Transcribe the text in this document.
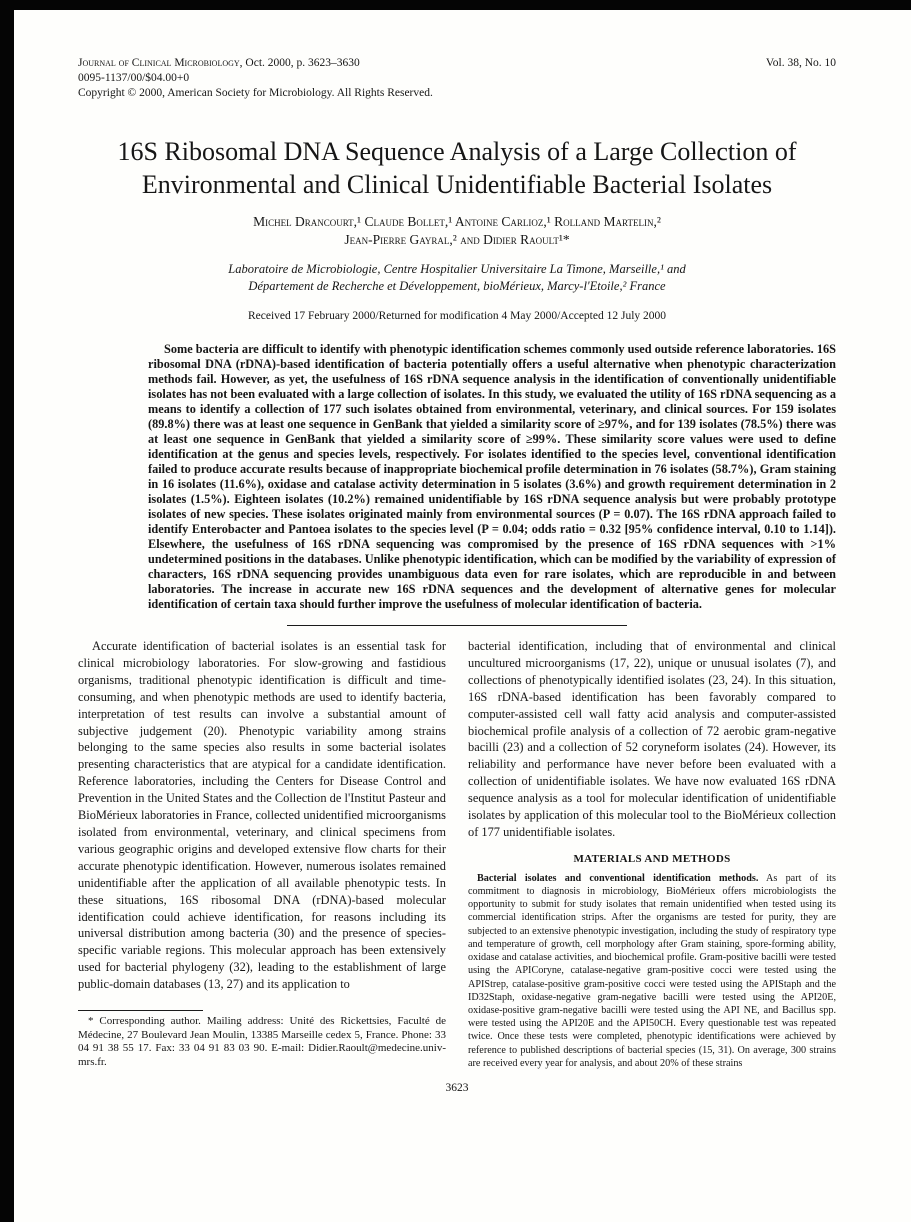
Journal of Clinical Microbiology, Oct. 2000, p. 3623–3630
0095-1137/00/$04.00+0
Copyright © 2000, American Society for Microbiology. All Rights Reserved.
Vol. 38, No. 10
16S Ribosomal DNA Sequence Analysis of a Large Collection of Environmental and Clinical Unidentifiable Bacterial Isolates
Michel Drancourt,¹ Claude Bollet,¹ Antoine Carlioz,¹ Rolland Martelin,²
Jean-Pierre Gayral,² and Didier Raoult¹*
Laboratoire de Microbiologie, Centre Hospitalier Universitaire La Timone, Marseille,¹ and
Département de Recherche et Développement, bioMérieux, Marcy-l'Etoile,² France
Received 17 February 2000/Returned for modification 4 May 2000/Accepted 12 July 2000

Some bacteria are difficult to identify with phenotypic identification schemes commonly used outside reference laboratories. 16S ribosomal DNA (rDNA)-based identification of bacteria potentially offers a useful alternative when phenotypic characterization methods fail. However, as yet, the usefulness of 16S rDNA sequence analysis in the identification of conventionally unidentifiable isolates has not been evaluated with a large collection of isolates. In this study, we evaluated the utility of 16S rDNA sequencing as a means to identify a collection of 177 such isolates obtained from environmental, veterinary, and clinical sources. For 159 isolates (89.8%) there was at least one sequence in GenBank that yielded a similarity score of ≥97%, and for 139 isolates (78.5%) there was at least one sequence in GenBank that yielded a similarity score of ≥99%. These similarity score values were used to define identification at the genus and species levels, respectively. For isolates identified to the species level, conventional identification failed to produce accurate results because of inappropriate biochemical profile determination in 76 isolates (58.7%), Gram staining in 16 isolates (11.6%), oxidase and catalase activity determination in 5 isolates (3.6%) and growth requirement determination in 2 isolates (1.5%). Eighteen isolates (10.2%) remained unidentifiable by 16S rDNA sequence analysis but were probably prototype isolates of new species. These isolates originated mainly from environmental sources (P = 0.07). The 16S rDNA approach failed to identify Enterobacter and Pantoea isolates to the species level (P = 0.04; odds ratio = 0.32 [95% confidence interval, 0.10 to 1.14]). Elsewhere, the usefulness of 16S rDNA sequencing was compromised by the presence of 16S rDNA sequences with >1% undetermined positions in the databases. Unlike phenotypic identification, which can be modified by the variability of expression of characters, 16S rDNA sequencing provides unambiguous data even for rare isolates, which are reproducible in and between laboratories. The increase in accurate new 16S rDNA sequences and the development of alternative genes for molecular identification of certain taxa should further improve the usefulness of molecular identification of bacteria.

Accurate identification of bacterial isolates is an essential task for clinical microbiology laboratories. For slow-growing and fastidious organisms, traditional phenotypic identification is difficult and time-consuming, and when phenotypic methods are used to identify bacteria, interpretation of test results can involve a substantial amount of subjective judgement (20). Phenotypic variability among strains belonging to the same species also results in some bacterial isolates presenting characteristics that are atypical for a candidate identification. Reference laboratories, including the Centers for Disease Control and Prevention in the United States and the Collection de l'Institut Pasteur and BioMérieux laboratories in France, collected unidentified microorganisms isolated from environmental, veterinary, and clinical specimens from various geographic origins and developed extensive flow charts for their accurate phenotypic identification. However, numerous isolates remained unidentifiable after the application of all available phenotypic tests. In these situations, 16S ribosomal DNA (rDNA)-based molecular identification could achieve identification, for reasons including its universal distribution among bacteria (30) and the presence of species-specific variable regions. This molecular approach has been extensively used for bacterial phylogeny (32), leading to the establishment of large public-domain databases (13, 27) and its application to

* Corresponding author. Mailing address: Unité des Rickettsies, Faculté de Médecine, 27 Boulevard Jean Moulin, 13385 Marseille cedex 5, France. Phone: 33 04 91 38 55 17. Fax: 33 04 91 83 03 90. E-mail: Didier.Raoult@medecine.univ-mrs.fr.

bacterial identification, including that of environmental and clinical uncultured microorganisms (17, 22), unique or unusual isolates (7), and collections of phenotypically identified isolates (23, 24). In this situation, 16S rDNA-based identification has been favorably compared to computer-assisted cell wall fatty acid analysis and computer-assisted biochemical profile analysis of a collection of 72 aerobic gram-negative bacilli (23) and a collection of 52 coryneform isolates (24). However, its reliability and performance have never before been evaluated with a collection of unidentifiable isolates. We have now evaluated 16S rDNA sequence analysis as a tool for molecular identification of unidentifiable isolates by application of this molecular tool to the BioMérieux collection of 177 unidentifiable isolates.

MATERIALS AND METHODS

Bacterial isolates and conventional identification methods. As part of its commitment to diagnosis in microbiology, BioMérieux offers microbiologists the opportunity to submit for study isolates that remain unidentified when tested using its commercial identification strips. After the organisms are tested for purity, they are subjected to an extensive phenotypic investigation, including the study of respiratory type and temperature of growth, cell morphology after Gram staining, spore-forming ability, oxidase and catalase activities, and biochemical profile. Gram-positive bacilli were tested using the APICoryne, catalase-negative gram-positive cocci were tested using the APIStrep, catalase-positive gram-positive cocci were tested using the APIStaph and the ID32Staph, oxidase-negative gram-negative bacilli were tested using the API20E, oxidase-positive gram-negative bacilli were tested using the API NE, and Bacillus spp. were tested using the API20E and the API50CH. Every questionable test was repeated twice. Once these tests were completed, phenotypic identifications were achieved by reference to published descriptions of bacterial species (15, 31). On average, 300 strains are received every year for analysis, and about 20% of these strains

3623
